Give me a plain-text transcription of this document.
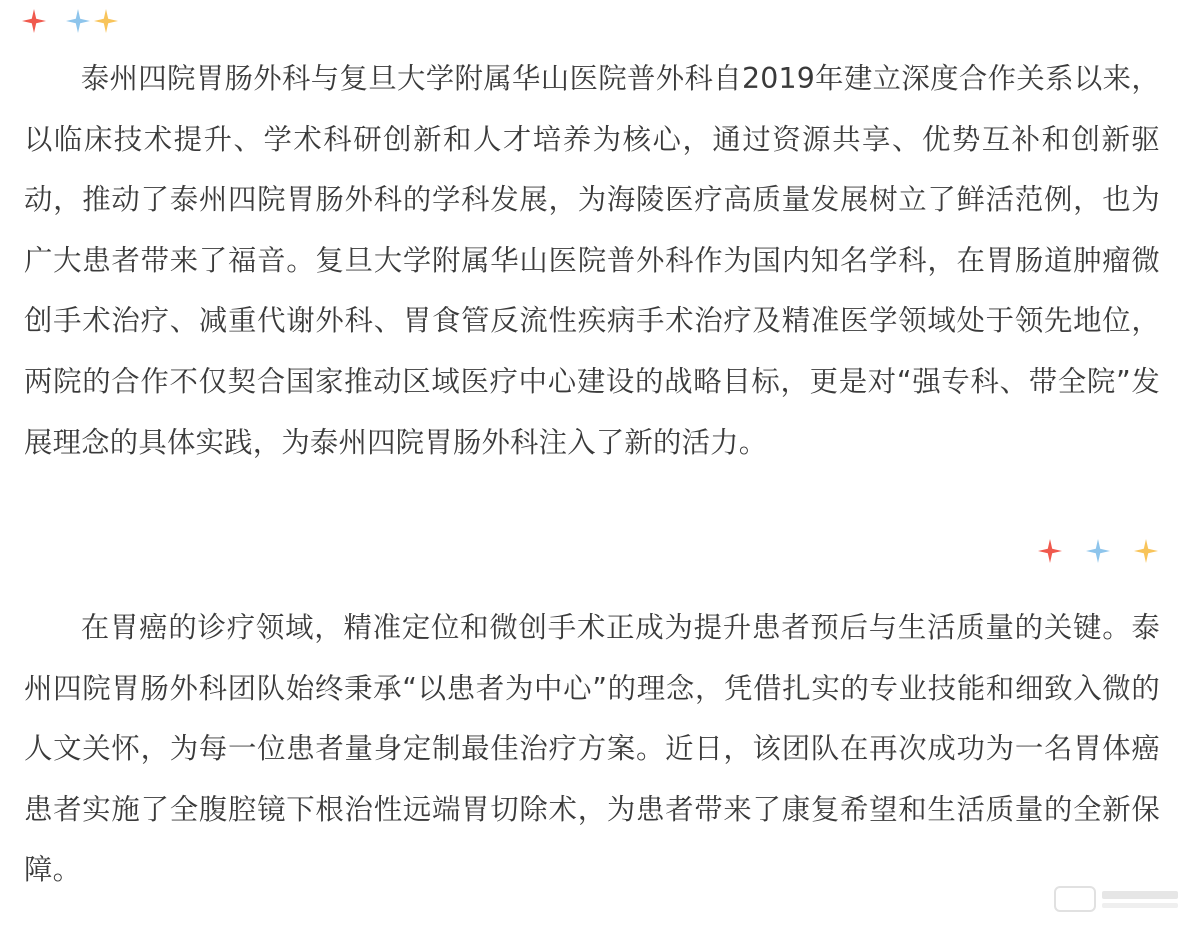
泰州四院胃肠外科与复旦大学附属华山医院普外科自2019年建立深度合作关系以来，以临床技术提升、学术科研创新和人才培养为核心，通过资源共享、优势互补和创新驱动，推动了泰州四院胃肠外科的学科发展，为海陵医疗高质量发展树立了鲜活范例，也为广大患者带来了福音。复旦大学附属华山医院普外科作为国内知名学科，在胃肠道肿瘤微创手术治疗、减重代谢外科、胃食管反流性疾病手术治疗及精准医学领域处于领先地位，两院的合作不仅契合国家推动区域医疗中心建设的战略目标，更是对“强专科、带全院”发展理念的具体实践，为泰州四院胃肠外科注入了新的活力。

在胃癌的诊疗领域，精准定位和微创手术正成为提升患者预后与生活质量的关键。泰州四院胃肠外科团队始终秉承“以患者为中心”的理念，凭借扎实的专业技能和细致入微的人文关怀，为每一位患者量身定制最佳治疗方案。近日，该团队在再次成功为一名胃体癌患者实施了全腹腔镜下根治性远端胃切除术，为患者带来了康复希望和生活质量的全新保障。
